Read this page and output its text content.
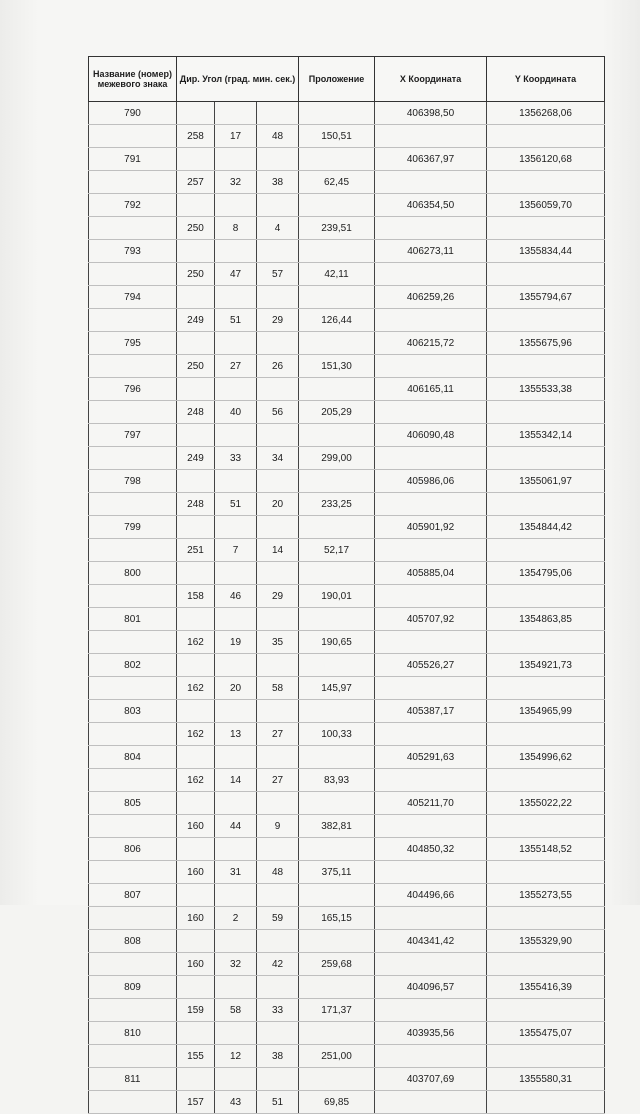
Название (номер) межевого знака	Дир. Угол (град. мин. сек.)			Проложение	X Координата	Y Координата
790					406398,50	1356268,06
	258	17	48	150,51		
791					406367,97	1356120,68
	257	32	38	62,45		
792					406354,50	1356059,70
	250	8	4	239,51		
793					406273,11	1355834,44
	250	47	57	42,11		
794					406259,26	1355794,67
	249	51	29	126,44		
795					406215,72	1355675,96
	250	27	26	151,30		
796					406165,11	1355533,38
	248	40	56	205,29		
797					406090,48	1355342,14
	249	33	34	299,00		
798					405986,06	1355061,97
	248	51	20	233,25		
799					405901,92	1354844,42
	251	7	14	52,17		
800					405885,04	1354795,06
	158	46	29	190,01		
801					405707,92	1354863,85
	162	19	35	190,65		
802					405526,27	1354921,73
	162	20	58	145,97		
803					405387,17	1354965,99
	162	13	27	100,33		
804					405291,63	1354996,62
	162	14	27	83,93		
805					405211,70	1355022,22
	160	44	9	382,81		
806					404850,32	1355148,52
	160	31	48	375,11		
807					404496,66	1355273,55
	160	2	59	165,15		
808					404341,42	1355329,90
	160	32	42	259,68		
809					404096,57	1355416,39
	159	58	33	171,37		
810					403935,56	1355475,07
	155	12	38	251,00		
811					403707,69	1355580,31
	157	43	51	69,85		
